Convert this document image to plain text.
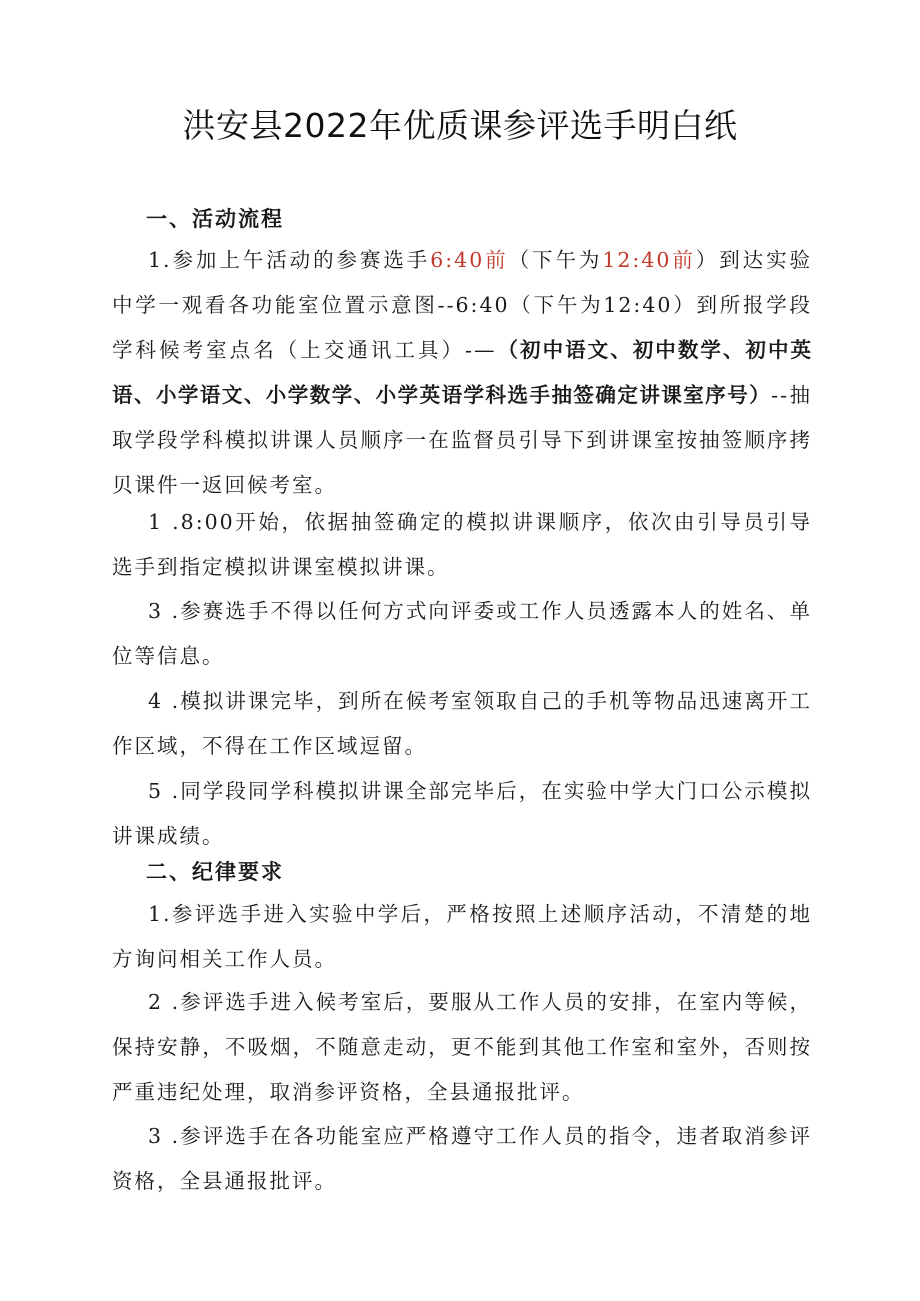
洪安县2022年优质课参评选手明白纸
一、活动流程
1.参加上午活动的参赛选手6:40前（下午为12:40前）到达实验中学一观看各功能室位置示意图--6:40（下午为12:40）到所报学段学科候考室点名（上交通讯工具）-—（初中语文、初中数学、初中英语、小学语文、小学数学、小学英语学科选手抽签确定讲课室序号）--抽取学段学科模拟讲课人员顺序一在监督员引导下到讲课室按抽签顺序拷贝课件一返回候考室。
1 .8:00开始，依据抽签确定的模拟讲课顺序，依次由引导员引导选手到指定模拟讲课室模拟讲课。
3 .参赛选手不得以任何方式向评委或工作人员透露本人的姓名、单位等信息。
4 .模拟讲课完毕，到所在候考室领取自己的手机等物品迅速离开工作区域，不得在工作区域逗留。
5 .同学段同学科模拟讲课全部完毕后，在实验中学大门口公示模拟讲课成绩。
二、纪律要求
1.参评选手进入实验中学后，严格按照上述顺序活动，不清楚的地方询问相关工作人员。
2 .参评选手进入候考室后，要服从工作人员的安排，在室内等候，保持安静，不吸烟，不随意走动，更不能到其他工作室和室外，否则按严重违纪处理，取消参评资格，全县通报批评。
3 .参评选手在各功能室应严格遵守工作人员的指令，违者取消参评资格，全县通报批评。
